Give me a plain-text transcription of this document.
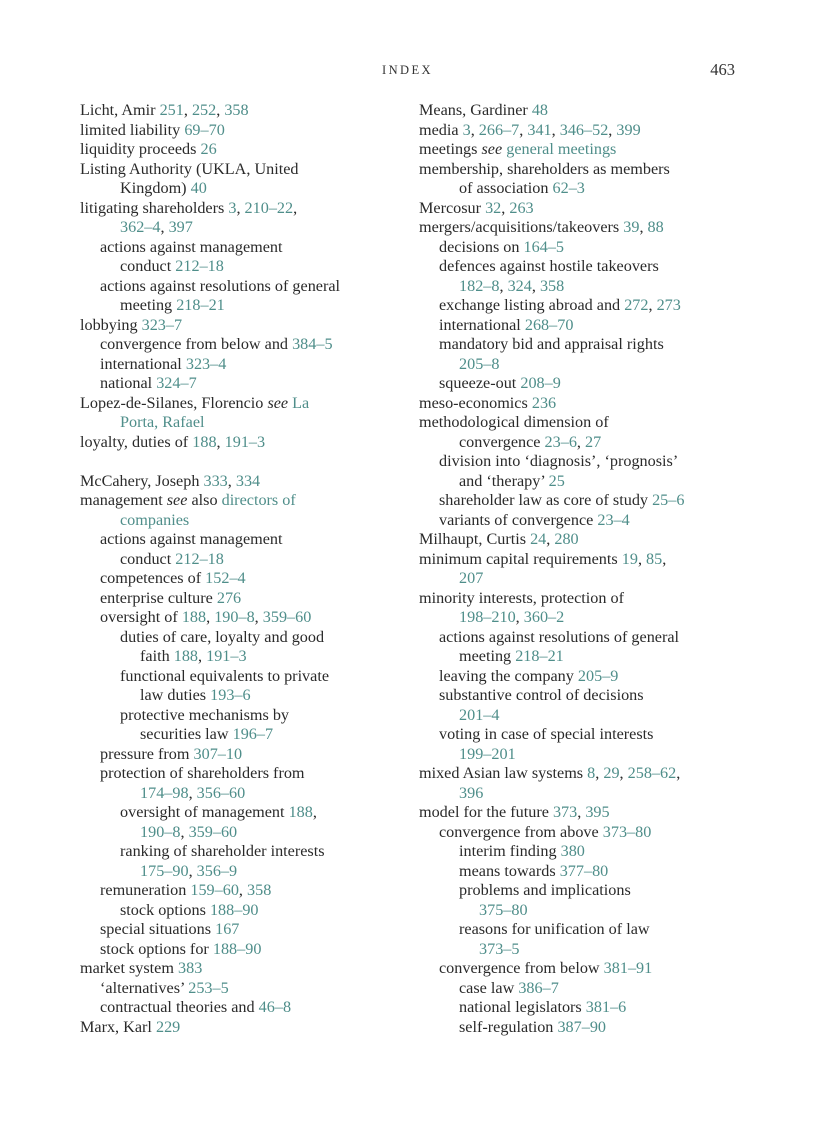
INDEX	463
Licht, Amir 251, 252, 358
limited liability 69–70
liquidity proceeds 26
Listing Authority (UKLA, United
Kingdom) 40
litigating shareholders 3, 210–22,
362–4, 397
actions against management
conduct 212–18
actions against resolutions of general
meeting 218–21
lobbying 323–7
convergence from below and 384–5
international 323–4
national 324–7
Lopez-de-Silanes, Florencio see La
Porta, Rafael
loyalty, duties of 188, 191–3
McCahery, Joseph 333, 334
management see also directors of
companies
actions against management
conduct 212–18
competences of 152–4
enterprise culture 276
oversight of 188, 190–8, 359–60
duties of care, loyalty and good
faith 188, 191–3
functional equivalents to private
law duties 193–6
protective mechanisms by
securities law 196–7
pressure from 307–10
protection of shareholders from
174–98, 356–60
oversight of management 188,
190–8, 359–60
ranking of shareholder interests
175–90, 356–9
remuneration 159–60, 358
stock options 188–90
special situations 167
stock options for 188–90
market system 383
‘alternatives’ 253–5
contractual theories and 46–8
Marx, Karl 229
Means, Gardiner 48
media 3, 266–7, 341, 346–52, 399
meetings see general meetings
membership, shareholders as members
of association 62–3
Mercosur 32, 263
mergers/acquisitions/takeovers 39, 88
decisions on 164–5
defences against hostile takeovers
182–8, 324, 358
exchange listing abroad and 272, 273
international 268–70
mandatory bid and appraisal rights
205–8
squeeze-out 208–9
meso-economics 236
methodological dimension of
convergence 23–6, 27
division into ‘diagnosis’, ‘prognosis’
and ‘therapy’ 25
shareholder law as core of study 25–6
variants of convergence 23–4
Milhaupt, Curtis 24, 280
minimum capital requirements 19, 85,
207
minority interests, protection of
198–210, 360–2
actions against resolutions of general
meeting 218–21
leaving the company 205–9
substantive control of decisions
201–4
voting in case of special interests
199–201
mixed Asian law systems 8, 29, 258–62,
396
model for the future 373, 395
convergence from above 373–80
interim finding 380
means towards 377–80
problems and implications
375–80
reasons for unification of law
373–5
convergence from below 381–91
case law 386–7
national legislators 381–6
self-regulation 387–90
